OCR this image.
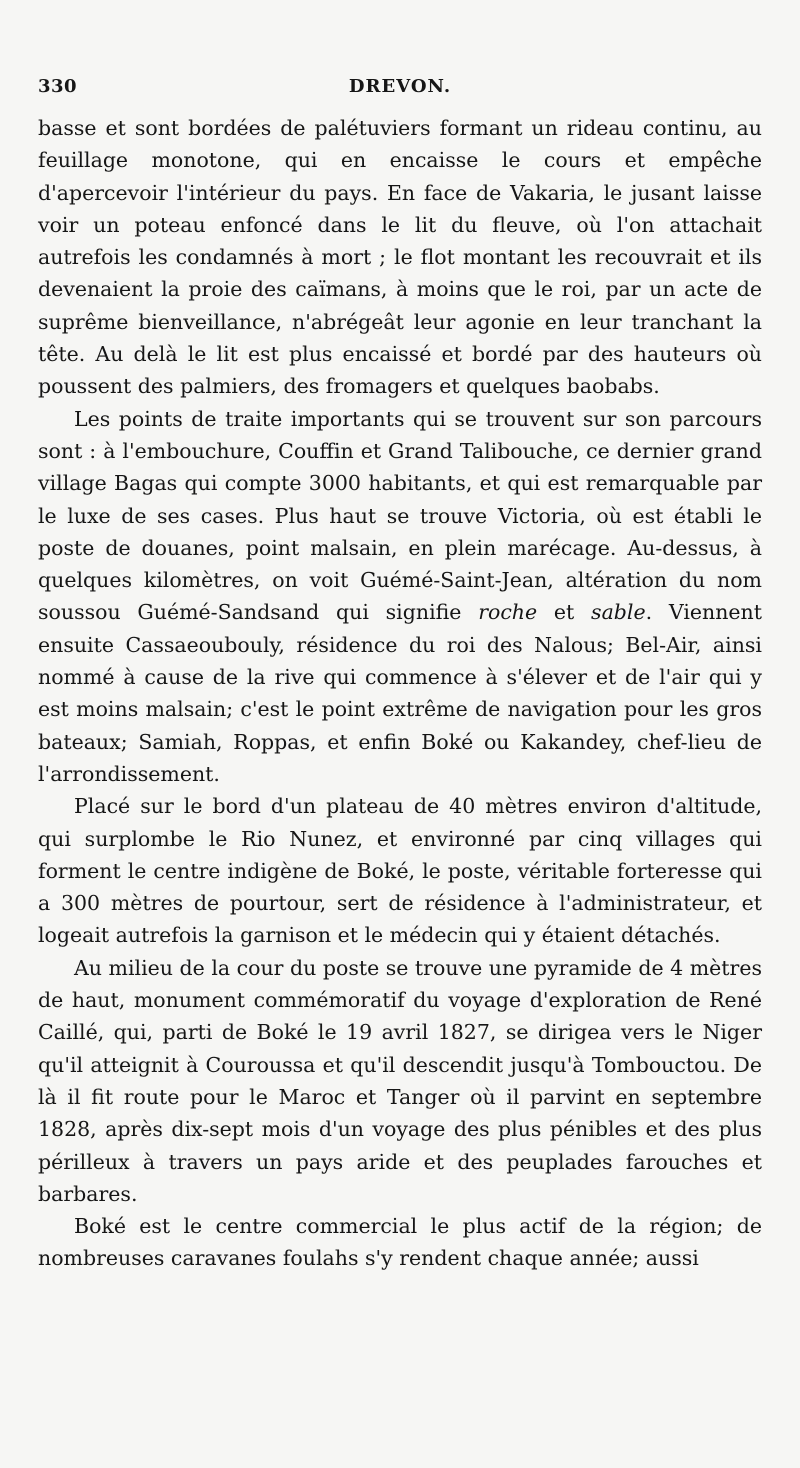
330	DREVON.

basse et sont bordées de palétuviers formant un rideau continu, au feuillage monotone, qui en encaisse le cours et empêche d'apercevoir l'intérieur du pays. En face de Vakaria, le jusant laisse voir un poteau enfoncé dans le lit du fleuve, où l'on attachait autrefois les condamnés à mort ; le flot montant les recouvrait et ils devenaient la proie des caïmans, à moins que le roi, par un acte de suprême bienveillance, n'abrégeât leur agonie en leur tranchant la tête. Au delà le lit est plus encaissé et bordé par des hauteurs où poussent des palmiers, des fromagers et quelques baobabs.

Les points de traite importants qui se trouvent sur son parcours sont : à l'embouchure, Couffin et Grand Talibouche, ce dernier grand village Bagas qui compte 3000 habitants, et qui est remarquable par le luxe de ses cases. Plus haut se trouve Victoria, où est établi le poste de douanes, point malsain, en plein marécage. Au-dessus, à quelques kilomètres, on voit Guémé-Saint-Jean, altération du nom soussou Guémé-Sandsand qui signifie roche et sable. Viennent ensuite Cassaeoubouly, résidence du roi des Nalous; Bel-Air, ainsi nommé à cause de la rive qui commence à s'élever et de l'air qui y est moins malsain; c'est le point extrême de navigation pour les gros bateaux; Samiah, Roppas, et enfin Boké ou Kakandey, chef-lieu de l'arrondissement.

Placé sur le bord d'un plateau de 40 mètres environ d'altitude, qui surplombe le Rio Nunez, et environné par cinq villages qui forment le centre indigène de Boké, le poste, véritable forteresse qui a 300 mètres de pourtour, sert de résidence à l'administrateur, et logeait autrefois la garnison et le médecin qui y étaient détachés.

Au milieu de la cour du poste se trouve une pyramide de 4 mètres de haut, monument commémoratif du voyage d'exploration de René Caillé, qui, parti de Boké le 19 avril 1827, se dirigea vers le Niger qu'il atteignit à Couroussa et qu'il descendit jusqu'à Tombouctou. De là il fit route pour le Maroc et Tanger où il parvint en septembre 1828, après dix-sept mois d'un voyage des plus pénibles et des plus périlleux à travers un pays aride et des peuplades farouches et barbares.

Boké est le centre commercial le plus actif de la région; de nombreuses caravanes foulahs s'y rendent chaque année; aussi
